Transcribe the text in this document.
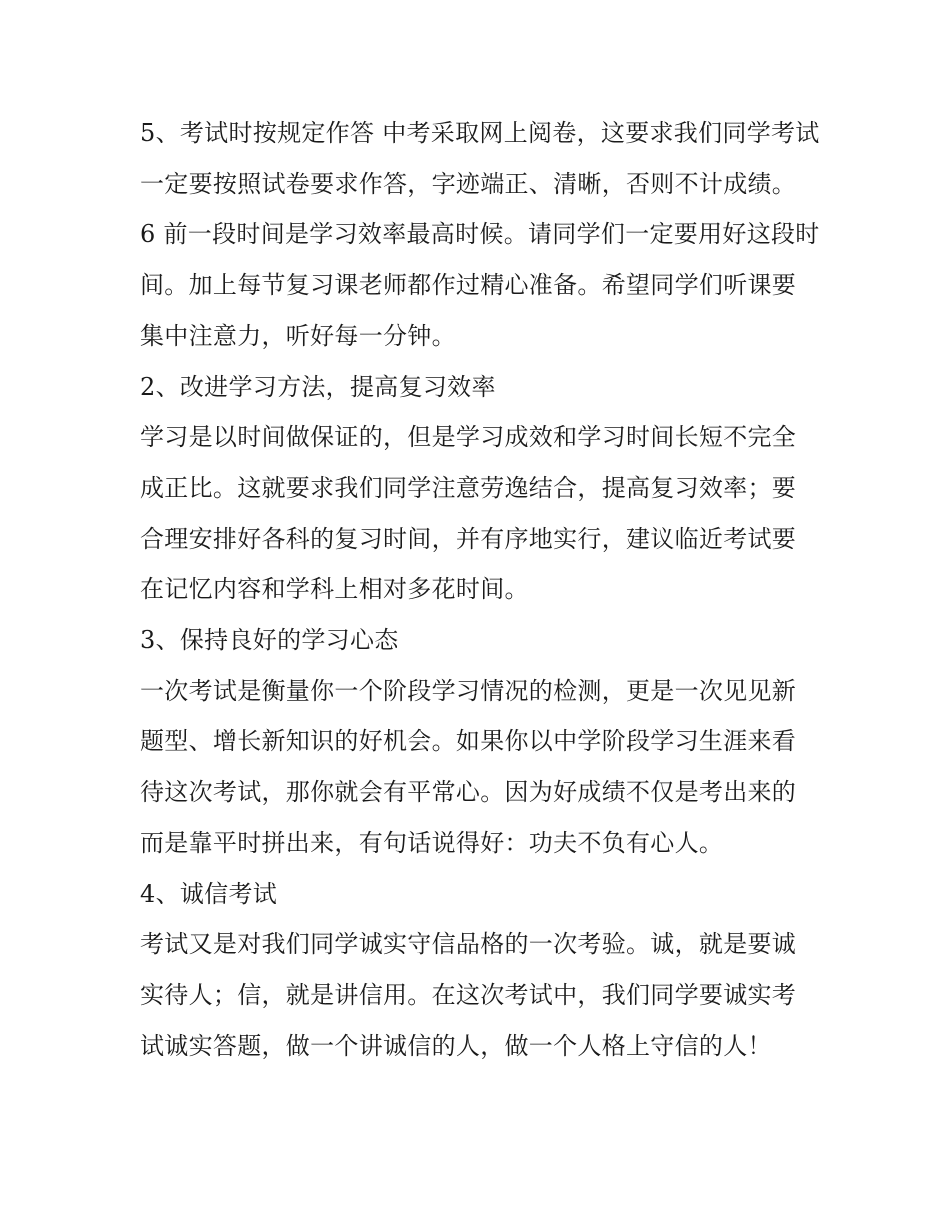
5、考试时按规定作答 中考采取网上阅卷，这要求我们同学考试一定要按照试卷要求作答，字迹端正、清晰，否则不计成绩。

6 前一段时间是学习效率最高时候。请同学们一定要用好这段时间。加上每节复习课老师都作过精心准备。希望同学们听课要集中注意力，听好每一分钟。

2、改进学习方法，提高复习效率

学习是以时间做保证的，但是学习成效和学习时间长短不完全成正比。这就要求我们同学注意劳逸结合，提高复习效率；要合理安排好各科的复习时间，并有序地实行，建议临近考试要在记忆内容和学科上相对多花时间。

3、保持良好的学习心态

一次考试是衡量你一个阶段学习情况的检测，更是一次见见新题型、增长新知识的好机会。如果你以中学阶段学习生涯来看待这次考试，那你就会有平常心。因为好成绩不仅是考出来的而是靠平时拼出来，有句话说得好：功夫不负有心人。

4、诚信考试

考试又是对我们同学诚实守信品格的一次考验。诚，就是要诚实待人；信，就是讲信用。在这次考试中，我们同学要诚实考试诚实答题，做一个讲诚信的人，做一个人格上守信的人！
